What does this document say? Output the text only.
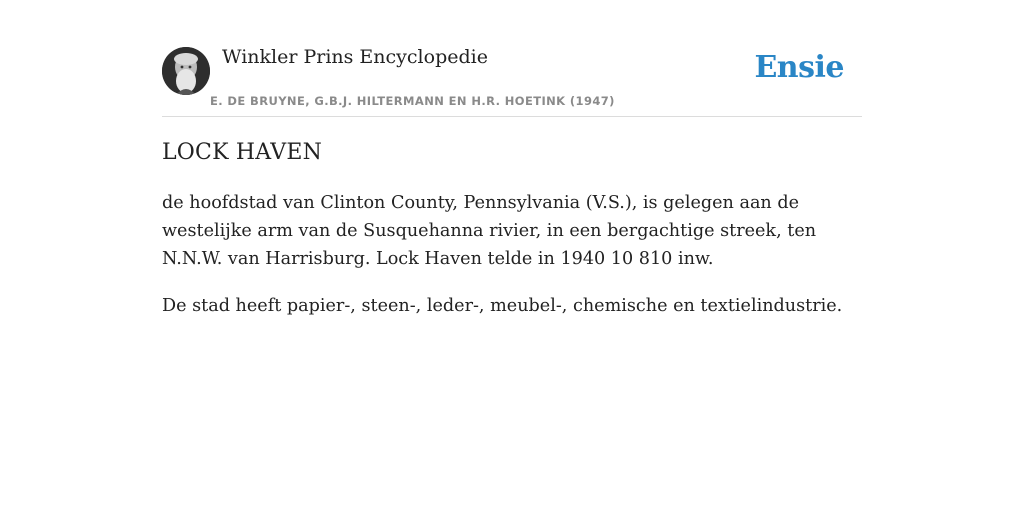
Winkler Prins Encyclopedie
E. DE BRUYNE, G.B.J. HILTERMANN EN H.R. HOETINK (1947)
Ensie
LOCK HAVEN

de hoofdstad van Clinton County, Pennsylvania (V.S.), is gelegen aan de westelijke arm van de Susquehanna rivier, in een bergachtige streek, ten N.N.W. van Harrisburg. Lock Haven telde in 1940 10 810 inw.

De stad heeft papier-, steen-, leder-, meubel-, chemische en textielindustrie.
